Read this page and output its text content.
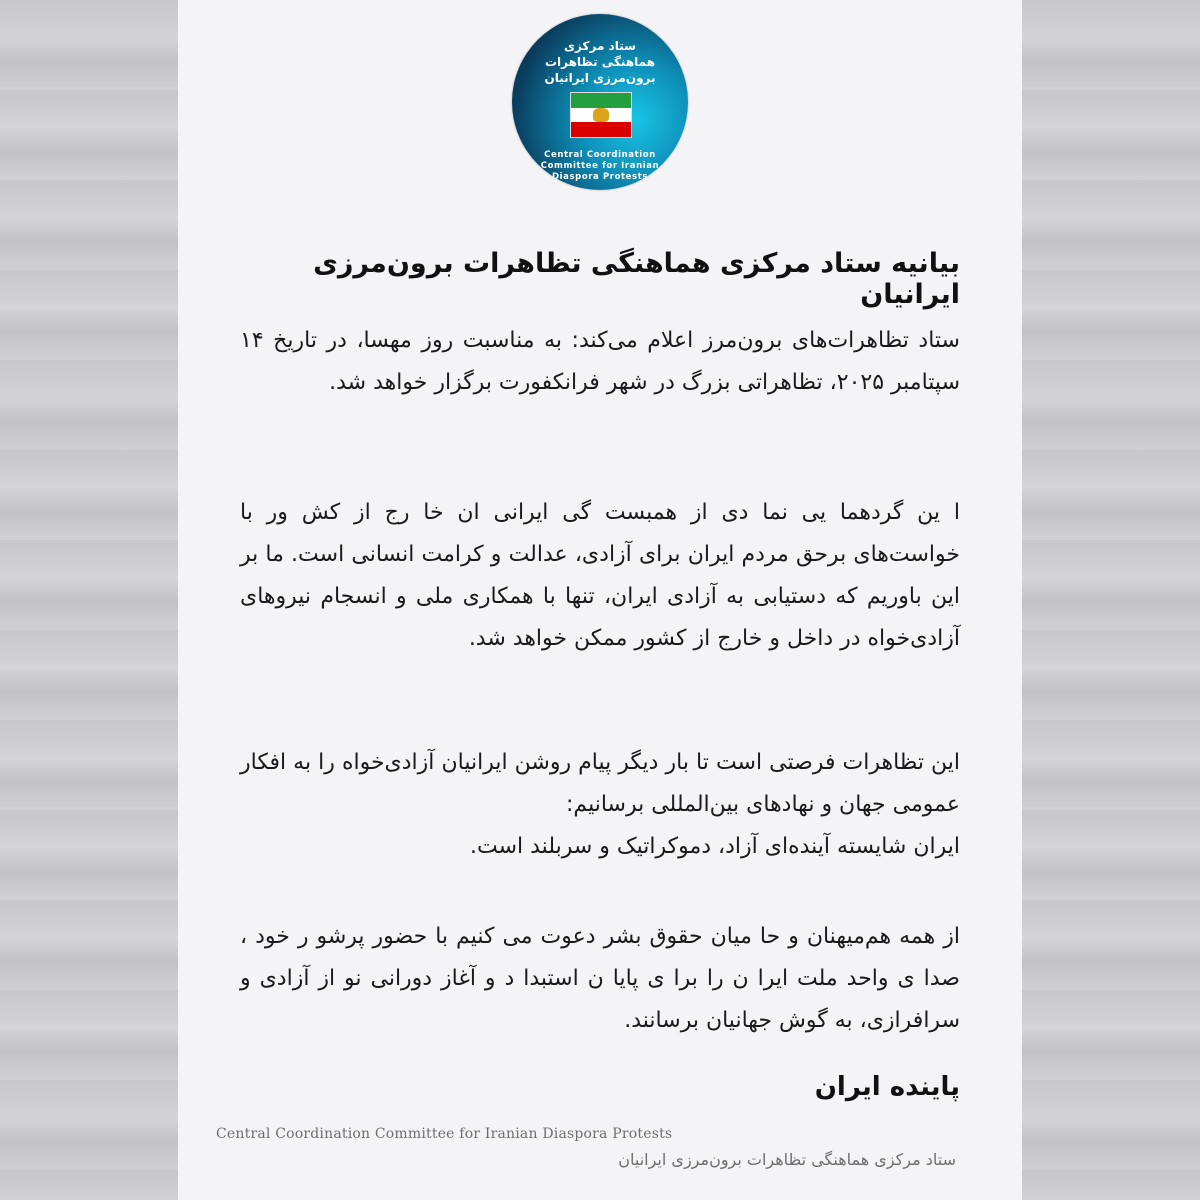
ستاد مرکزی
هماهنگی تظاهرات
برون‌مرزی ایرانیان
Central Coordination
Committee for Iranian
Diaspora Protests
بیانیه ستاد مرکزی هماهنگی تظاهرات برون‌مرزی ایرانیان

ستاد تظاهرات‌های برون‌مرز اعلام می‌کند: به مناسبت روز مهسا، در تاریخ ۱۴ سپتامبر ۲۰۲۵، تظاهراتی بزرگ در شهر فرانکفورت برگزار خواهد شد.

ا ین گردهما یی نما دی از همبست گی ایرانی ان خا رج از کش ور با خواست‌های برحق مردم ایران برای آزادی، عدالت و کرامت انسانی است. ما بر این باوریم که دستیابی به آزادی ایران، تنها با همکاری ملی و انسجام نیروهای آزادی‌خواه در داخل و خارج از کشور ممکن خواهد شد.

این تظاهرات فرصتی است تا بار دیگر پیام روشن ایرانیان آزادی‌خواه را به افکار عمومی جهان و نهادهای بین‌المللی برسانیم:
ایران شایسته آینده‌ای آزاد، دموکراتیک و سربلند است.

از همه هم‌میهنان و حا میان حقوق بشر دعوت می کنیم با حضور پرشو ر خود ، صدا ی واحد ملت ایرا ن را برا ی پایا ن استبدا د و آغاز دورانی نو از آزادی و سرافرازی، به گوش جهانیان برسانند.

پاینده ایران
Central Coordination Committee for Iranian Diaspora Protests
ستاد مرکزی هماهنگی تظاهرات برون‌مرزی ایرانیان
